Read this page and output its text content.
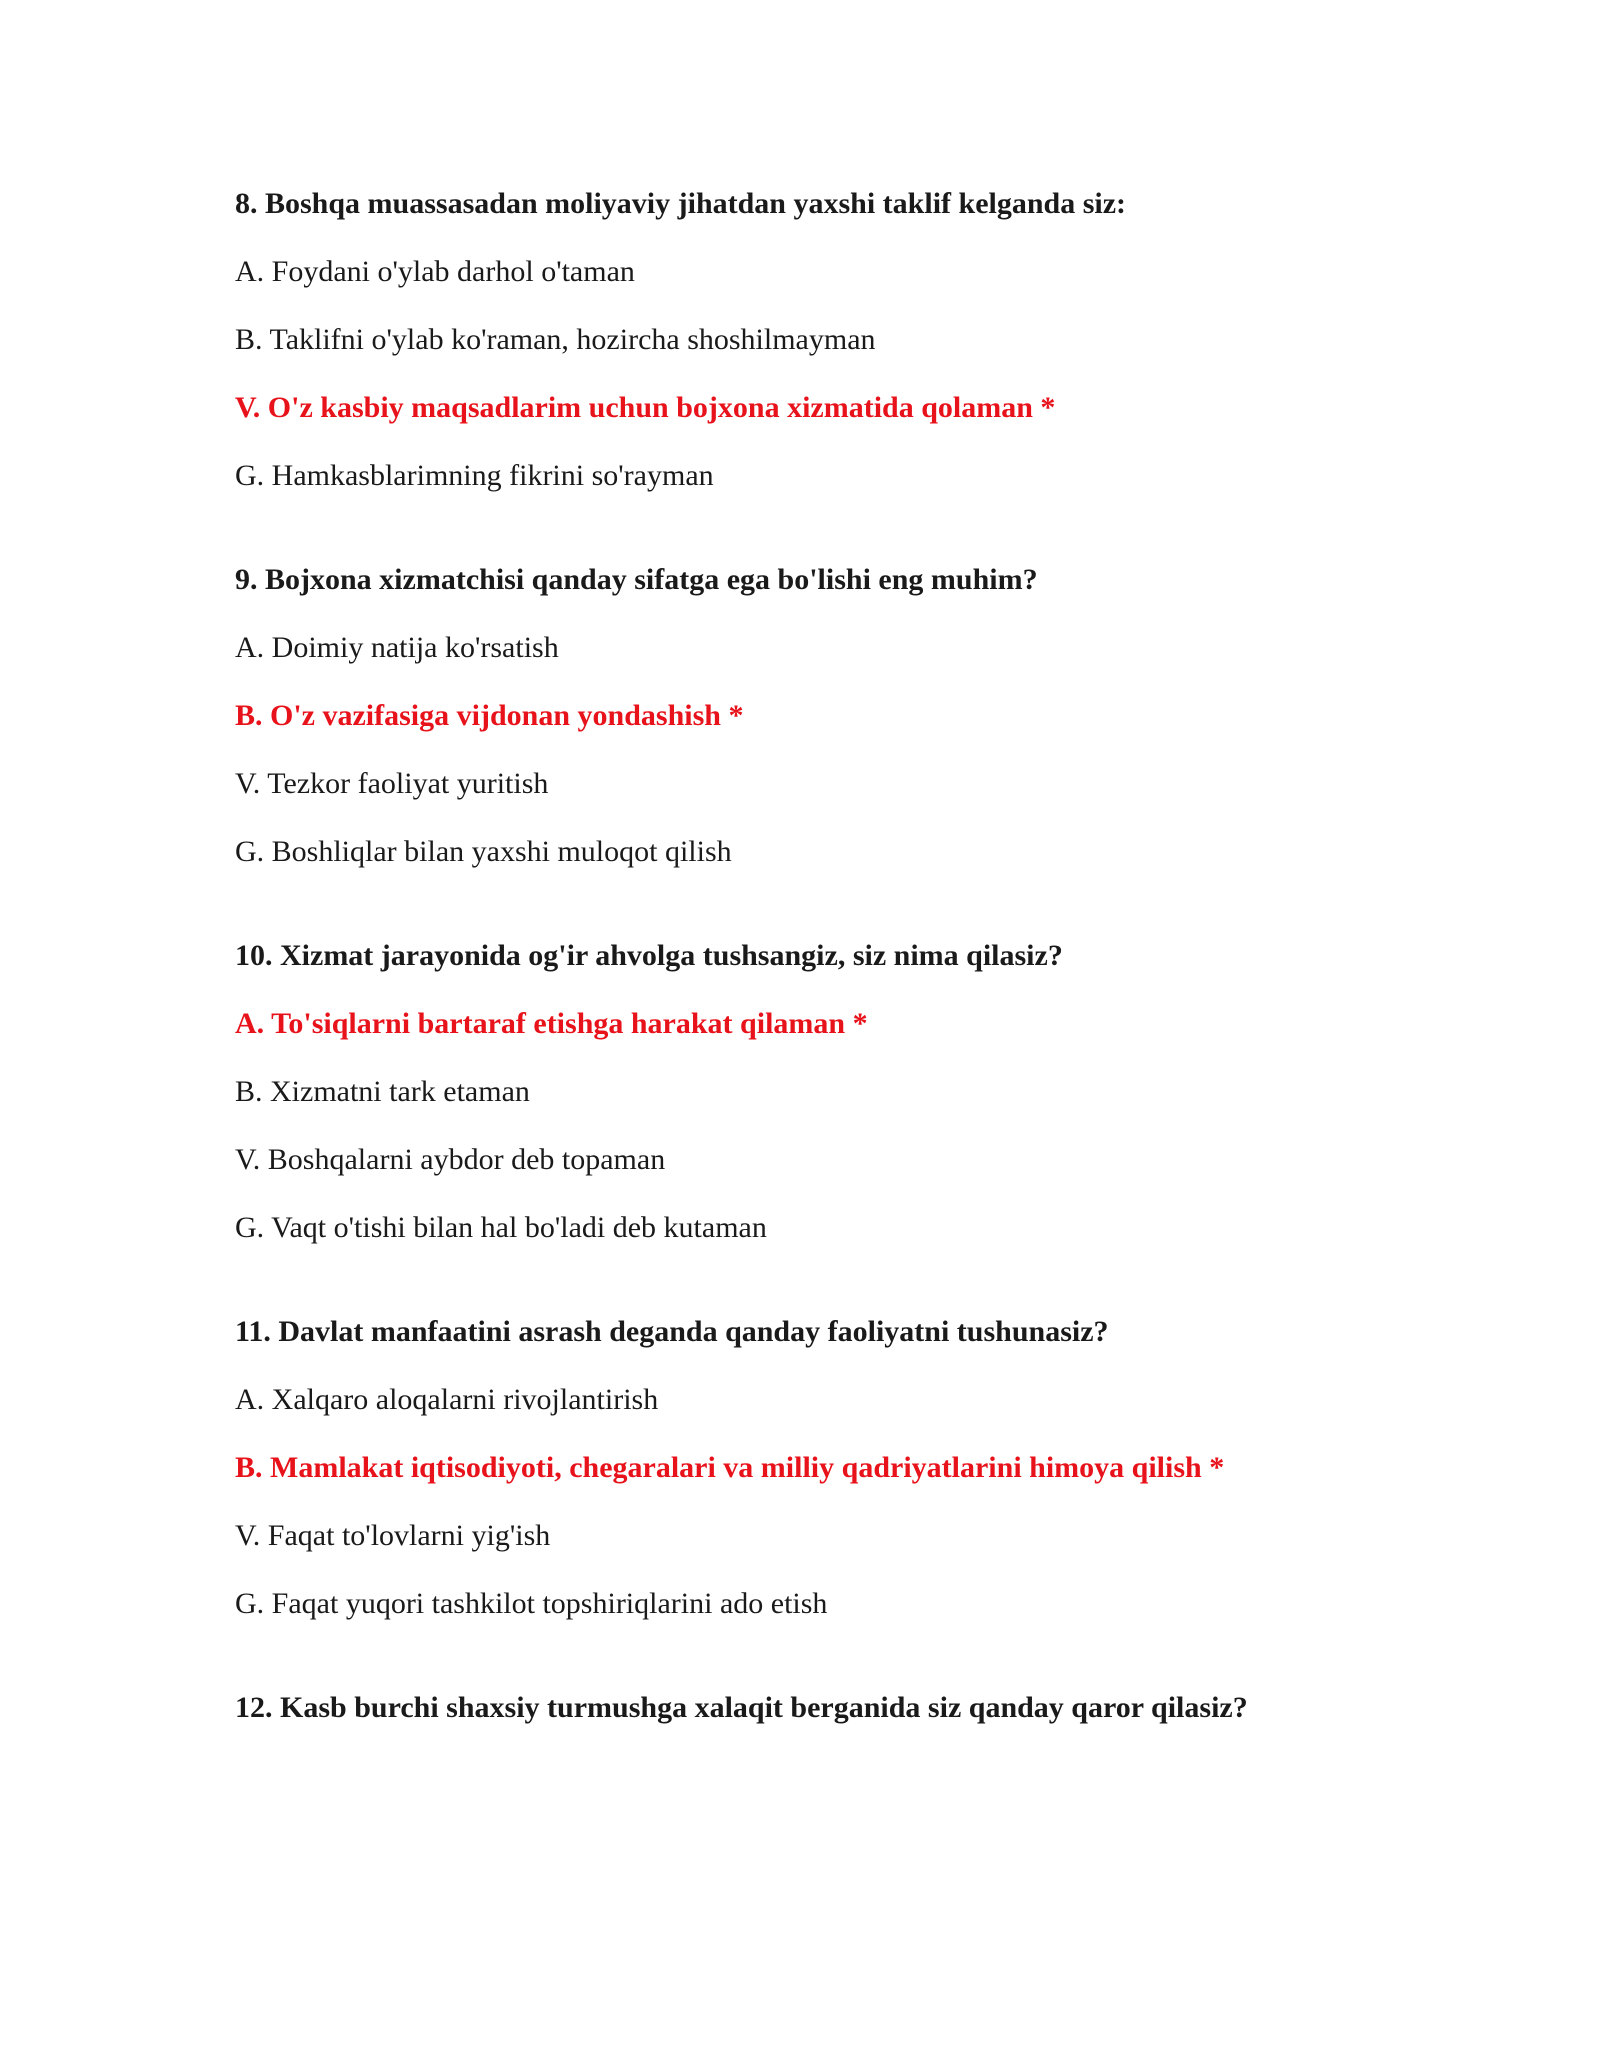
8. Boshqa muassasadan moliyaviy jihatdan yaxshi taklif kelganda siz:
A. Foydani o'ylab darhol o'taman
B. Taklifni o'ylab ko'raman, hozircha shoshilmayman
V. O'z kasbiy maqsadlarim uchun bojxona xizmatida qolaman *
G. Hamkasblarimning fikrini so'rayman
9. Bojxona xizmatchisi qanday sifatga ega bo'lishi eng muhim?
A. Doimiy natija ko'rsatish
B. O'z vazifasiga vijdonan yondashish *
V. Tezkor faoliyat yuritish
G. Boshliqlar bilan yaxshi muloqot qilish
10. Xizmat jarayonida og'ir ahvolga tushsangiz, siz nima qilasiz?
A. To'siqlarni bartaraf etishga harakat qilaman *
B. Xizmatni tark etaman
V. Boshqalarni aybdor deb topaman
G. Vaqt o'tishi bilan hal bo'ladi deb kutaman
11. Davlat manfaatini asrash deganda qanday faoliyatni tushunasiz?
A. Xalqaro aloqalarni rivojlantirish
B. Mamlakat iqtisodiyoti, chegaralari va milliy qadriyatlarini himoya qilish *
V. Faqat to'lovlarni yig'ish
G. Faqat yuqori tashkilot topshiriqlarini ado etish
12. Kasb burchi shaxsiy turmushga xalaqit berganida siz qanday qaror qilasiz?
